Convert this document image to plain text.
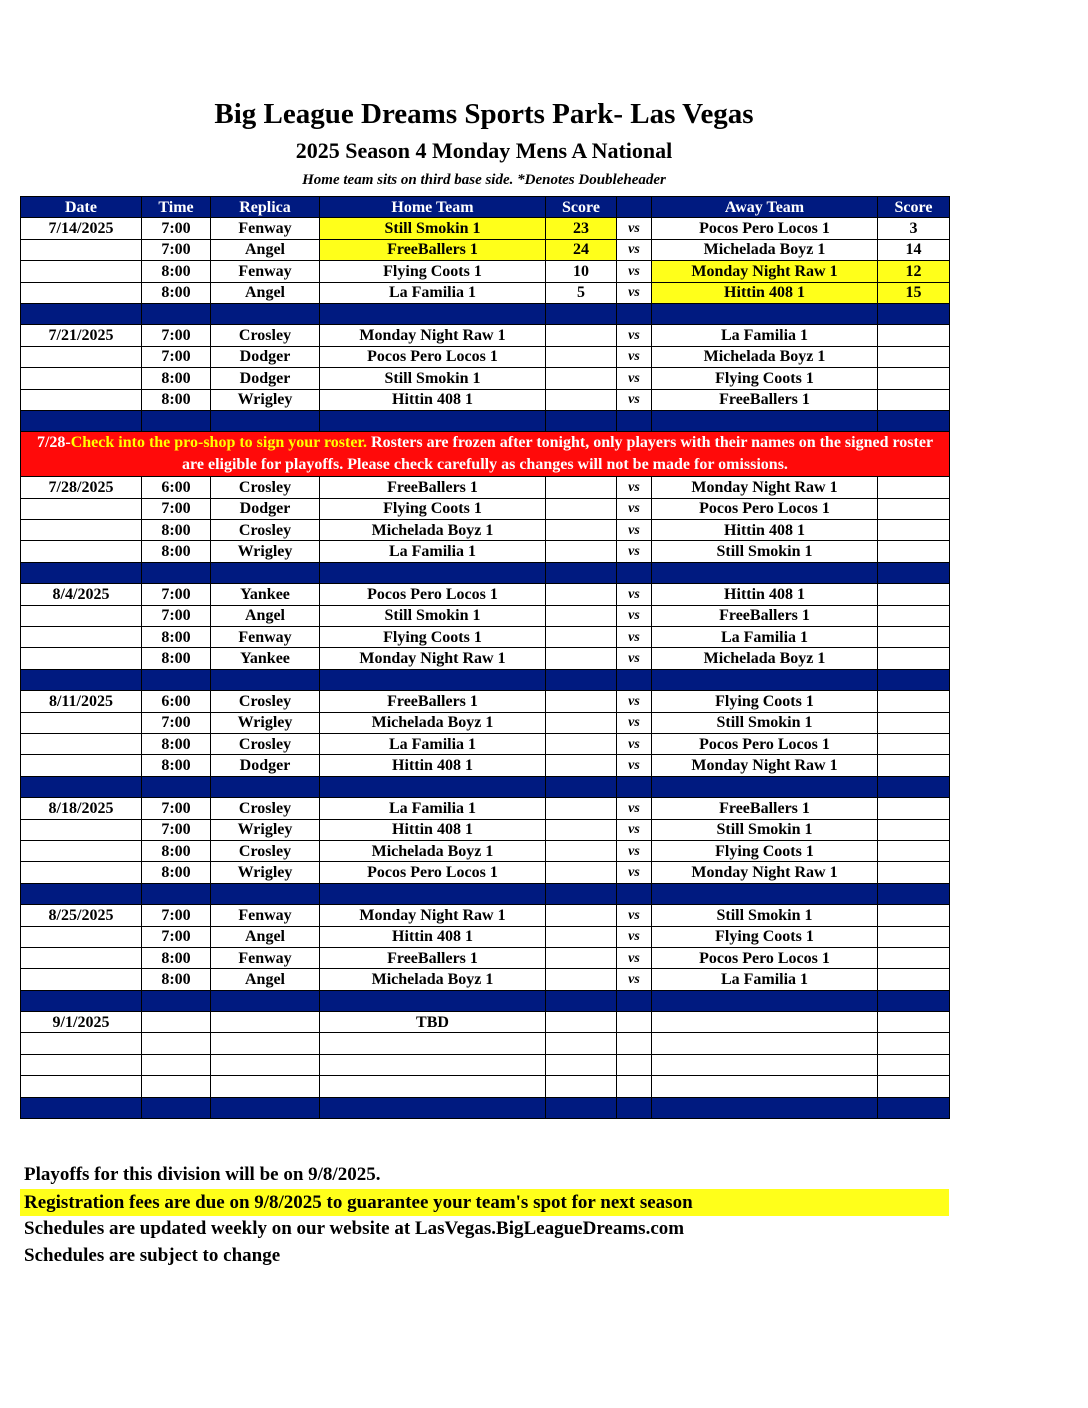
Big League Dreams Sports Park- Las Vegas
2025 Season 4 Monday Mens A National
Home team sits on third base side. *Denotes Doubleheader
Date	Time	Replica	Home Team	Score		Away Team	Score
7/14/2025	7:00	Fenway	Still Smokin 1	23	vs	Pocos Pero Locos 1	3
	7:00	Angel	FreeBallers 1	24	vs	Michelada Boyz 1	14
	8:00	Fenway	Flying Coots 1	10	vs	Monday Night Raw 1	12
	8:00	Angel	La Familia 1	5	vs	Hittin 408 1	15

7/21/2025	7:00	Crosley	Monday Night Raw 1		vs	La Familia 1	
	7:00	Dodger	Pocos Pero Locos 1		vs	Michelada Boyz 1	
	8:00	Dodger	Still Smokin 1		vs	Flying Coots 1	
	8:00	Wrigley	Hittin 408 1		vs	FreeBallers 1	

7/28-Check into the pro-shop to sign your roster. Rosters are frozen after tonight, only players with their names on the signed roster are eligible for playoffs. Please check carefully as changes will not be made for omissions.							
7/28/2025	6:00	Crosley	FreeBallers 1		vs	Monday Night Raw 1	
	7:00	Dodger	Flying Coots 1		vs	Pocos Pero Locos 1	
	8:00	Crosley	Michelada Boyz 1		vs	Hittin 408 1	
	8:00	Wrigley	La Familia 1		vs	Still Smokin 1	

8/4/2025	7:00	Yankee	Pocos Pero Locos 1		vs	Hittin 408 1	
	7:00	Angel	Still Smokin 1		vs	FreeBallers 1	
	8:00	Fenway	Flying Coots 1		vs	La Familia 1	
	8:00	Yankee	Monday Night Raw 1		vs	Michelada Boyz 1	

8/11/2025	6:00	Crosley	FreeBallers 1		vs	Flying Coots 1	
	7:00	Wrigley	Michelada Boyz 1		vs	Still Smokin 1	
	8:00	Crosley	La Familia 1		vs	Pocos Pero Locos 1	
	8:00	Dodger	Hittin 408 1		vs	Monday Night Raw 1	

8/18/2025	7:00	Crosley	La Familia 1		vs	FreeBallers 1	
	7:00	Wrigley	Hittin 408 1		vs	Still Smokin 1	
	8:00	Crosley	Michelada Boyz 1		vs	Flying Coots 1	
	8:00	Wrigley	Pocos Pero Locos 1		vs	Monday Night Raw 1	

8/25/2025	7:00	Fenway	Monday Night Raw 1		vs	Still Smokin 1	
	7:00	Angel	Hittin 408 1		vs	Flying Coots 1	
	8:00	Fenway	FreeBallers 1		vs	Pocos Pero Locos 1	
	8:00	Angel	Michelada Boyz 1		vs	La Familia 1	

9/1/2025			TBD				

Playoffs for this division will be on 9/8/2025.
Registration fees are due on 9/8/2025 to guarantee your team's spot for next season
Schedules are updated weekly on our website at LasVegas.BigLeagueDreams.com
Schedules are subject to change
